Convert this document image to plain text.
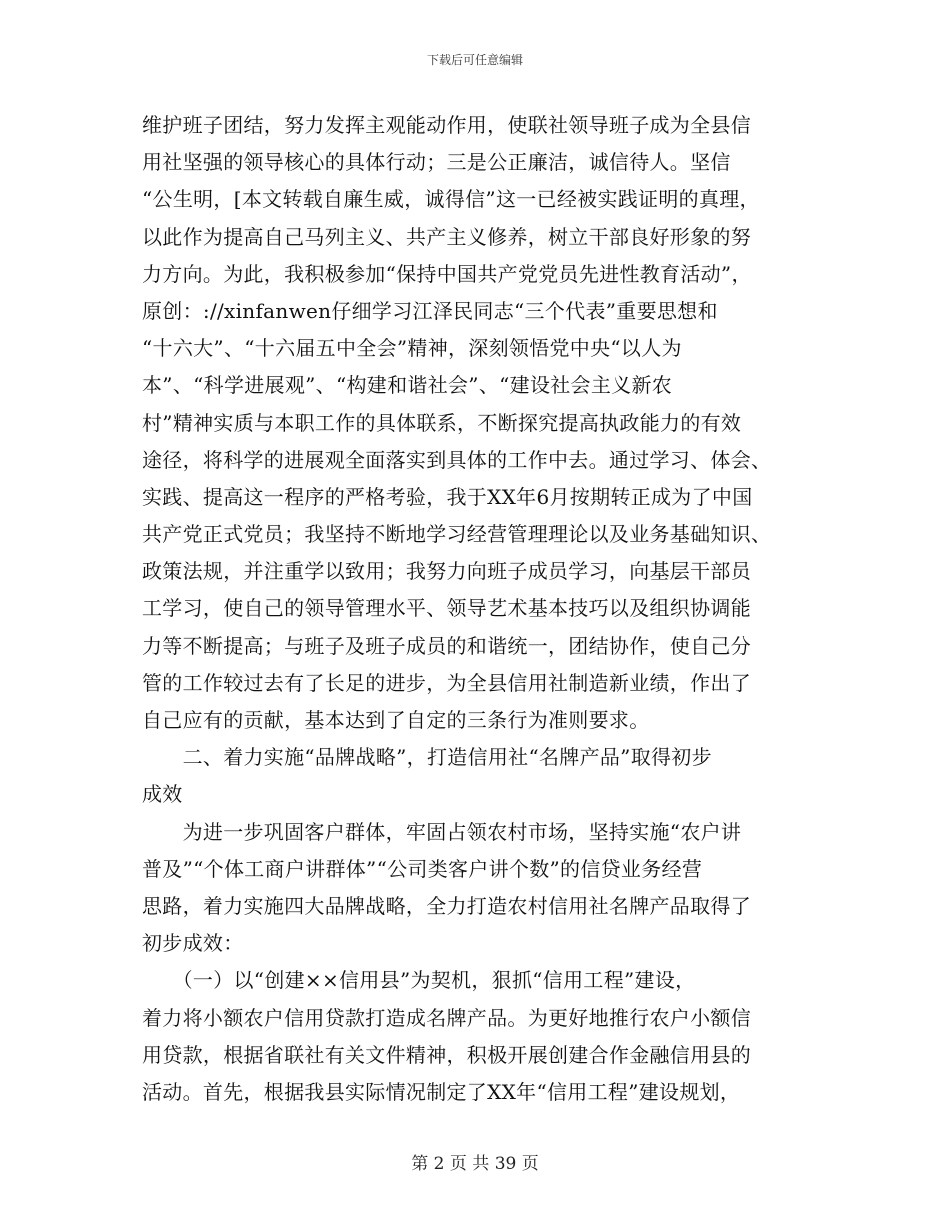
下载后可任意编辑
维护班子团结，努力发挥主观能动作用，使联社领导班子成为全县信
用社坚强的领导核心的具体行动；三是公正廉洁，诚信待人。坚信
“公生明，[本文转载自廉生威，诚得信”这一已经被实践证明的真理，
以此作为提高自己马列主义、共产主义修养，树立干部良好形象的努
力方向。为此，我积极参加“保持中国共产党党员先进性教育活动”，
原创：://xinfanwen仔细学习江泽民同志“三个代表”重要思想和
“十六大”、“十六届五中全会”精神，深刻领悟党中央“以人为
本”、“科学进展观”、“构建和谐社会”、“建设社会主义新农
村”精神实质与本职工作的具体联系，不断探究提高执政能力的有效
途径，将科学的进展观全面落实到具体的工作中去。通过学习、体会、
实践、提高这一程序的严格考验，我于XX年6月按期转正成为了中国
共产党正式党员；我坚持不断地学习经营管理理论以及业务基础知识、
政策法规，并注重学以致用；我努力向班子成员学习，向基层干部员
工学习，使自己的领导管理水平、领导艺术基本技巧以及组织协调能
力等不断提高；与班子及班子成员的和谐统一，团结协作，使自己分
管的工作较过去有了长足的进步，为全县信用社制造新业绩，作出了
自己应有的贡献，基本达到了自定的三条行为准则要求。
　　二、着力实施“品牌战略”，打造信用社“名牌产品”取得初步
成效
　　为进一步巩固客户群体，牢固占领农村市场，坚持实施“农户讲
普及”“个体工商户讲群体”“公司类客户讲个数”的信贷业务经营
思路，着力实施四大品牌战略，全力打造农村信用社名牌产品取得了
初步成效：
　　（一）以“创建××信用县”为契机，狠抓“信用工程”建设，
着力将小额农户信用贷款打造成名牌产品。为更好地推行农户小额信
用贷款，根据省联社有关文件精神，积极开展创建合作金融信用县的
活动。首先，根据我县实际情况制定了XX年“信用工程”建设规划，
第 2 页 共 39 页
